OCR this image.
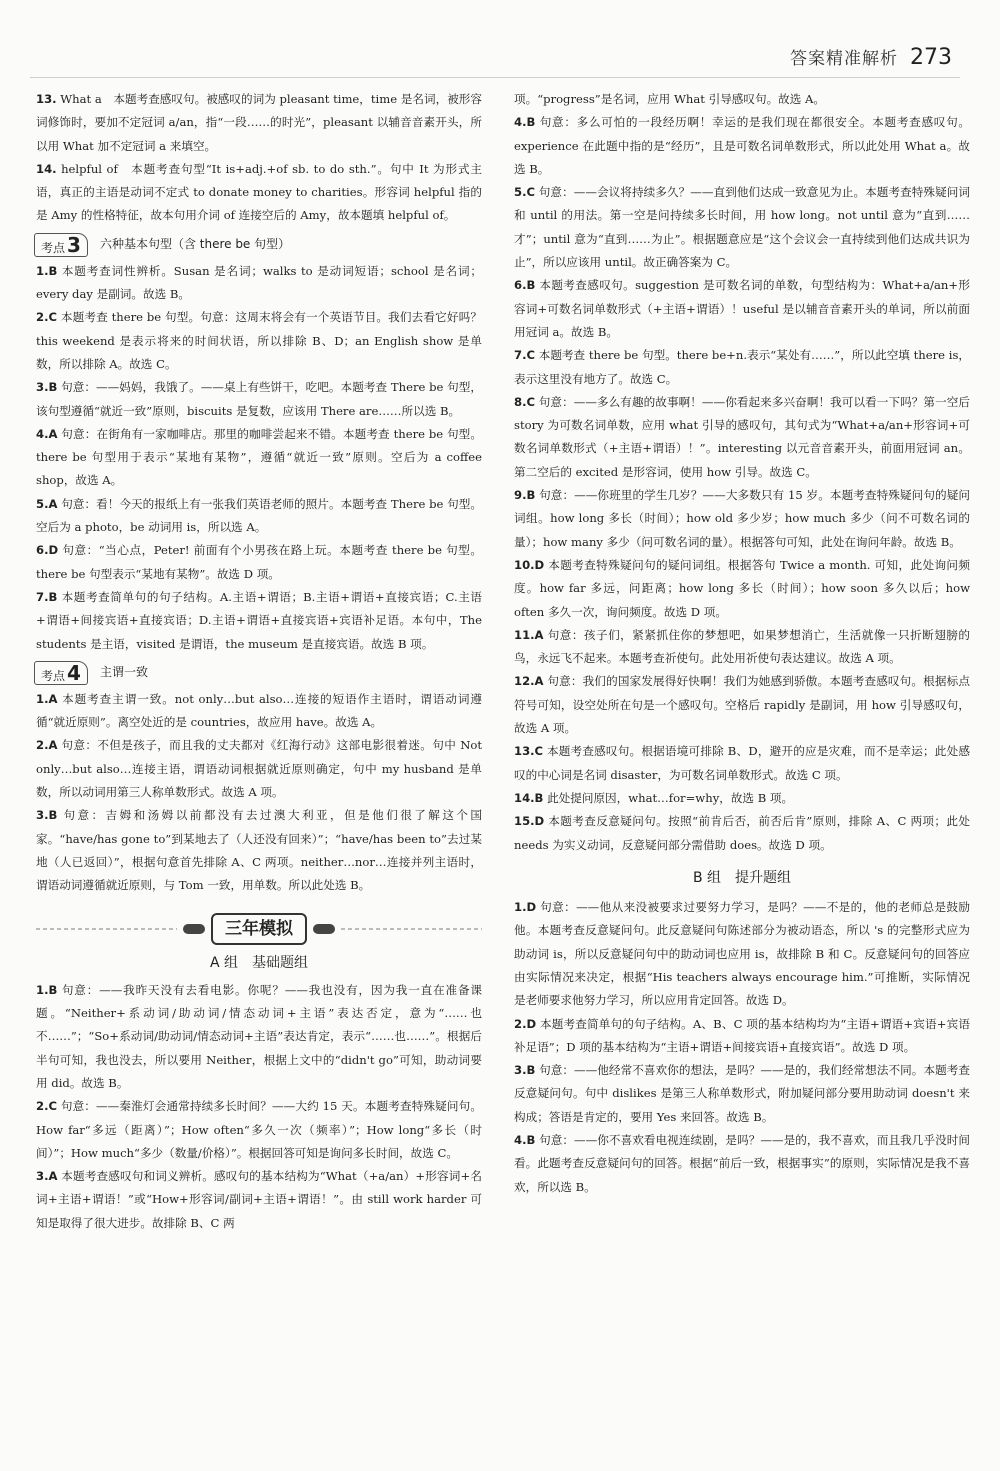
答案精准解析 273

13. What a　本题考查感叹句。被感叹的词为 pleasant time，time 是名词，被形容词修饰时，要加不定冠词 a/an，指“一段……的时光”，pleasant 以辅音音素开头，所以用 What 加不定冠词 a 来填空。

14. helpful of　本题考查句型“It is+adj.+of sb. to do sth.”。句中 It 为形式主语，真正的主语是动词不定式 to donate money to charities。形容词 helpful 指的是 Amy 的性格特征，故本句用介词 of 连接空后的 Amy，故本题填 helpful of。

考点 3 六种基本句型（含 there be 句型）

1.B 本题考查词性辨析。Susan 是名词；walks to 是动词短语；school 是名词；every day 是副词。故选 B。

2.C 本题考查 there be 句型。句意：这周末将会有一个英语节目。我们去看它好吗？this weekend 是表示将来的时间状语，所以排除 B、D；an English show 是单数，所以排除 A。故选 C。

3.B 句意：——妈妈，我饿了。——桌上有些饼干，吃吧。本题考查 There be 句型，该句型遵循“就近一致”原则，biscuits 是复数，应该用 There are……所以选 B。

4.A 句意：在街角有一家咖啡店。那里的咖啡尝起来不错。本题考查 there be 句型。there be 句型用于表示“某地有某物”，遵循“就近一致”原则。空后为 a coffee shop，故选 A。

5.A 句意：看！今天的报纸上有一张我们英语老师的照片。本题考查 There be 句型。空后为 a photo，be 动词用 is，所以选 A。

6.D 句意：“当心点，Peter! 前面有个小男孩在路上玩。本题考查 there be 句型。there be 句型表示“某地有某物”。故选 D 项。

7.B 本题考查简单句的句子结构。A.主语+谓语；B.主语+谓语+直接宾语；C.主语+谓语+间接宾语+直接宾语；D.主语+谓语+直接宾语+宾语补足语。本句中，The students 是主语，visited 是谓语，the museum 是直接宾语。故选 B 项。

考点 4 主谓一致

1.A 本题考查主谓一致。not only…but also…连接的短语作主语时，谓语动词遵循“就近原则”。离空处近的是 countries，故应用 have。故选 A。

2.A 句意：不但是孩子，而且我的丈夫都对《红海行动》这部电影很着迷。句中 Not only…but also…连接主语，谓语动词根据就近原则确定，句中 my husband 是单数，所以动词用第三人称单数形式。故选 A 项。

3.B 句意：吉姆和汤姆以前都没有去过澳大利亚，但是他们很了解这个国家。“have/has gone to”到某地去了（人还没有回来）”；“have/has been to”去过某地（人已返回）”，根据句意首先排除 A、C 两项。neither…nor…连接并列主语时，谓语动词遵循就近原则，与 Tom 一致，用单数。所以此处选 B。

三年模拟
A 组　基础题组

1.B 句意：——我昨天没有去看电影。你呢？——我也没有，因为我一直在准备课题。“Neither+系动词/助动词/情态动词+主语”表达否定，意为“……也不……”；“So+系动词/助动词/情态动词+主语”表达肯定，表示“……也……”。根据后半句可知，我也没去，所以要用 Neither，根据上文中的“didn't go”可知，助动词要用 did。故选 B。

2.C 句意：——秦淮灯会通常持续多长时间？——大约 15 天。本题考查特殊疑问句。How far“多远（距离）”；How often“多久一次（频率）”；How long“多长（时间）”；How much“多少（数量/价格）”。根据回答可知是询问多长时间，故选 C。

3.A 本题考查感叹句和词义辨析。感叹句的基本结构为“What（+a/an）+形容词+名词+主语+谓语！”或“How+形容词/副词+主语+谓语！”。由 still work harder 可知是取得了很大进步。故排除 B、C 两

项。“progress”是名词，应用 What 引导感叹句。故选 A。

4.B 句意：多么可怕的一段经历啊！幸运的是我们现在都很安全。本题考查感叹句。experience 在此题中指的是“经历”，且是可数名词单数形式，所以此处用 What a。故选 B。

5.C 句意：——会议将持续多久？——直到他们达成一致意见为止。本题考查特殊疑问词和 until 的用法。第一空是问持续多长时间，用 how long。not until 意为“直到……才”；until 意为“直到……为止”。根据题意应是“这个会议会一直持续到他们达成共识为止”，所以应该用 until。故正确答案为 C。

6.B 本题考查感叹句。suggestion 是可数名词的单数，句型结构为：What+a/an+形容词+可数名词单数形式（+主语+谓语）！useful 是以辅音音素开头的单词，所以前面用冠词 a。故选 B。

7.C 本题考查 there be 句型。there be+n.表示“某处有……”，所以此空填 there is，表示这里没有地方了。故选 C。

8.C 句意：——多么有趣的故事啊！——你看起来多兴奋啊！我可以看一下吗？第一空后 story 为可数名词单数，应用 what 引导的感叹句，其句式为“What+a/an+形容词+可数名词单数形式（+主语+谓语）！”。interesting 以元音音素开头，前面用冠词 an。第二空后的 excited 是形容词，使用 how 引导。故选 C。

9.B 句意：——你班里的学生几岁？——大多数只有 15 岁。本题考查特殊疑问句的疑问词组。how long 多长（时间）；how old 多少岁；how much 多少（问不可数名词的量）；how many 多少（问可数名词的量）。根据答句可知，此处在询问年龄。故选 B。

10.D 本题考查特殊疑问句的疑问词组。根据答句 Twice a month. 可知，此处询问频度。how far 多远，问距离；how long 多长（时间）；how soon 多久以后；how often 多久一次，询问频度。故选 D 项。

11.A 句意：孩子们，紧紧抓住你的梦想吧，如果梦想消亡，生活就像一只折断翅膀的鸟，永远飞不起来。本题考查祈使句。此处用祈使句表达建议。故选 A 项。

12.A 句意：我们的国家发展得好快啊！我们为她感到骄傲。本题考查感叹句。根据标点符号可知，设空处所在句是一个感叹句。空格后 rapidly 是副词，用 how 引导感叹句，故选 A 项。

13.C 本题考查感叹句。根据语境可排除 B、D，避开的应是灾难，而不是幸运；此处感叹的中心词是名词 disaster，为可数名词单数形式。故选 C 项。

14.B 此处提问原因，what…for=why，故选 B 项。

15.D 本题考查反意疑问句。按照“前肯后否，前否后肯”原则，排除 A、C 两项；此处 needs 为实义动词，反意疑问部分需借助 does。故选 D 项。

B 组　提升题组

1.D 句意：——他从来没被要求过要努力学习，是吗？——不是的，他的老师总是鼓励他。本题考查反意疑问句。此反意疑问句陈述部分为被动语态，所以 's 的完整形式应为助动词 is，所以反意疑问句中的助动词也应用 is，故排除 B 和 C。反意疑问句的回答应由实际情况来决定，根据“His teachers always encourage him.”可推断，实际情况是老师要求他努力学习，所以应用肯定回答。故选 D。

2.D 本题考查简单句的句子结构。A、B、C 项的基本结构均为“主语+谓语+宾语+宾语补足语”；D 项的基本结构为“主语+谓语+间接宾语+直接宾语”。故选 D 项。

3.B 句意：——他经常不喜欢你的想法，是吗？——是的，我们经常想法不同。本题考查反意疑问句。句中 dislikes 是第三人称单数形式，附加疑问部分要用助动词 doesn't 来构成；答语是肯定的，要用 Yes 来回答。故选 B。

4.B 句意：——你不喜欢看电视连续剧，是吗？——是的，我不喜欢，而且我几乎没时间看。此题考查反意疑问句的回答。根据“前后一致，根据事实”的原则，实际情况是我不喜欢，所以选 B。
